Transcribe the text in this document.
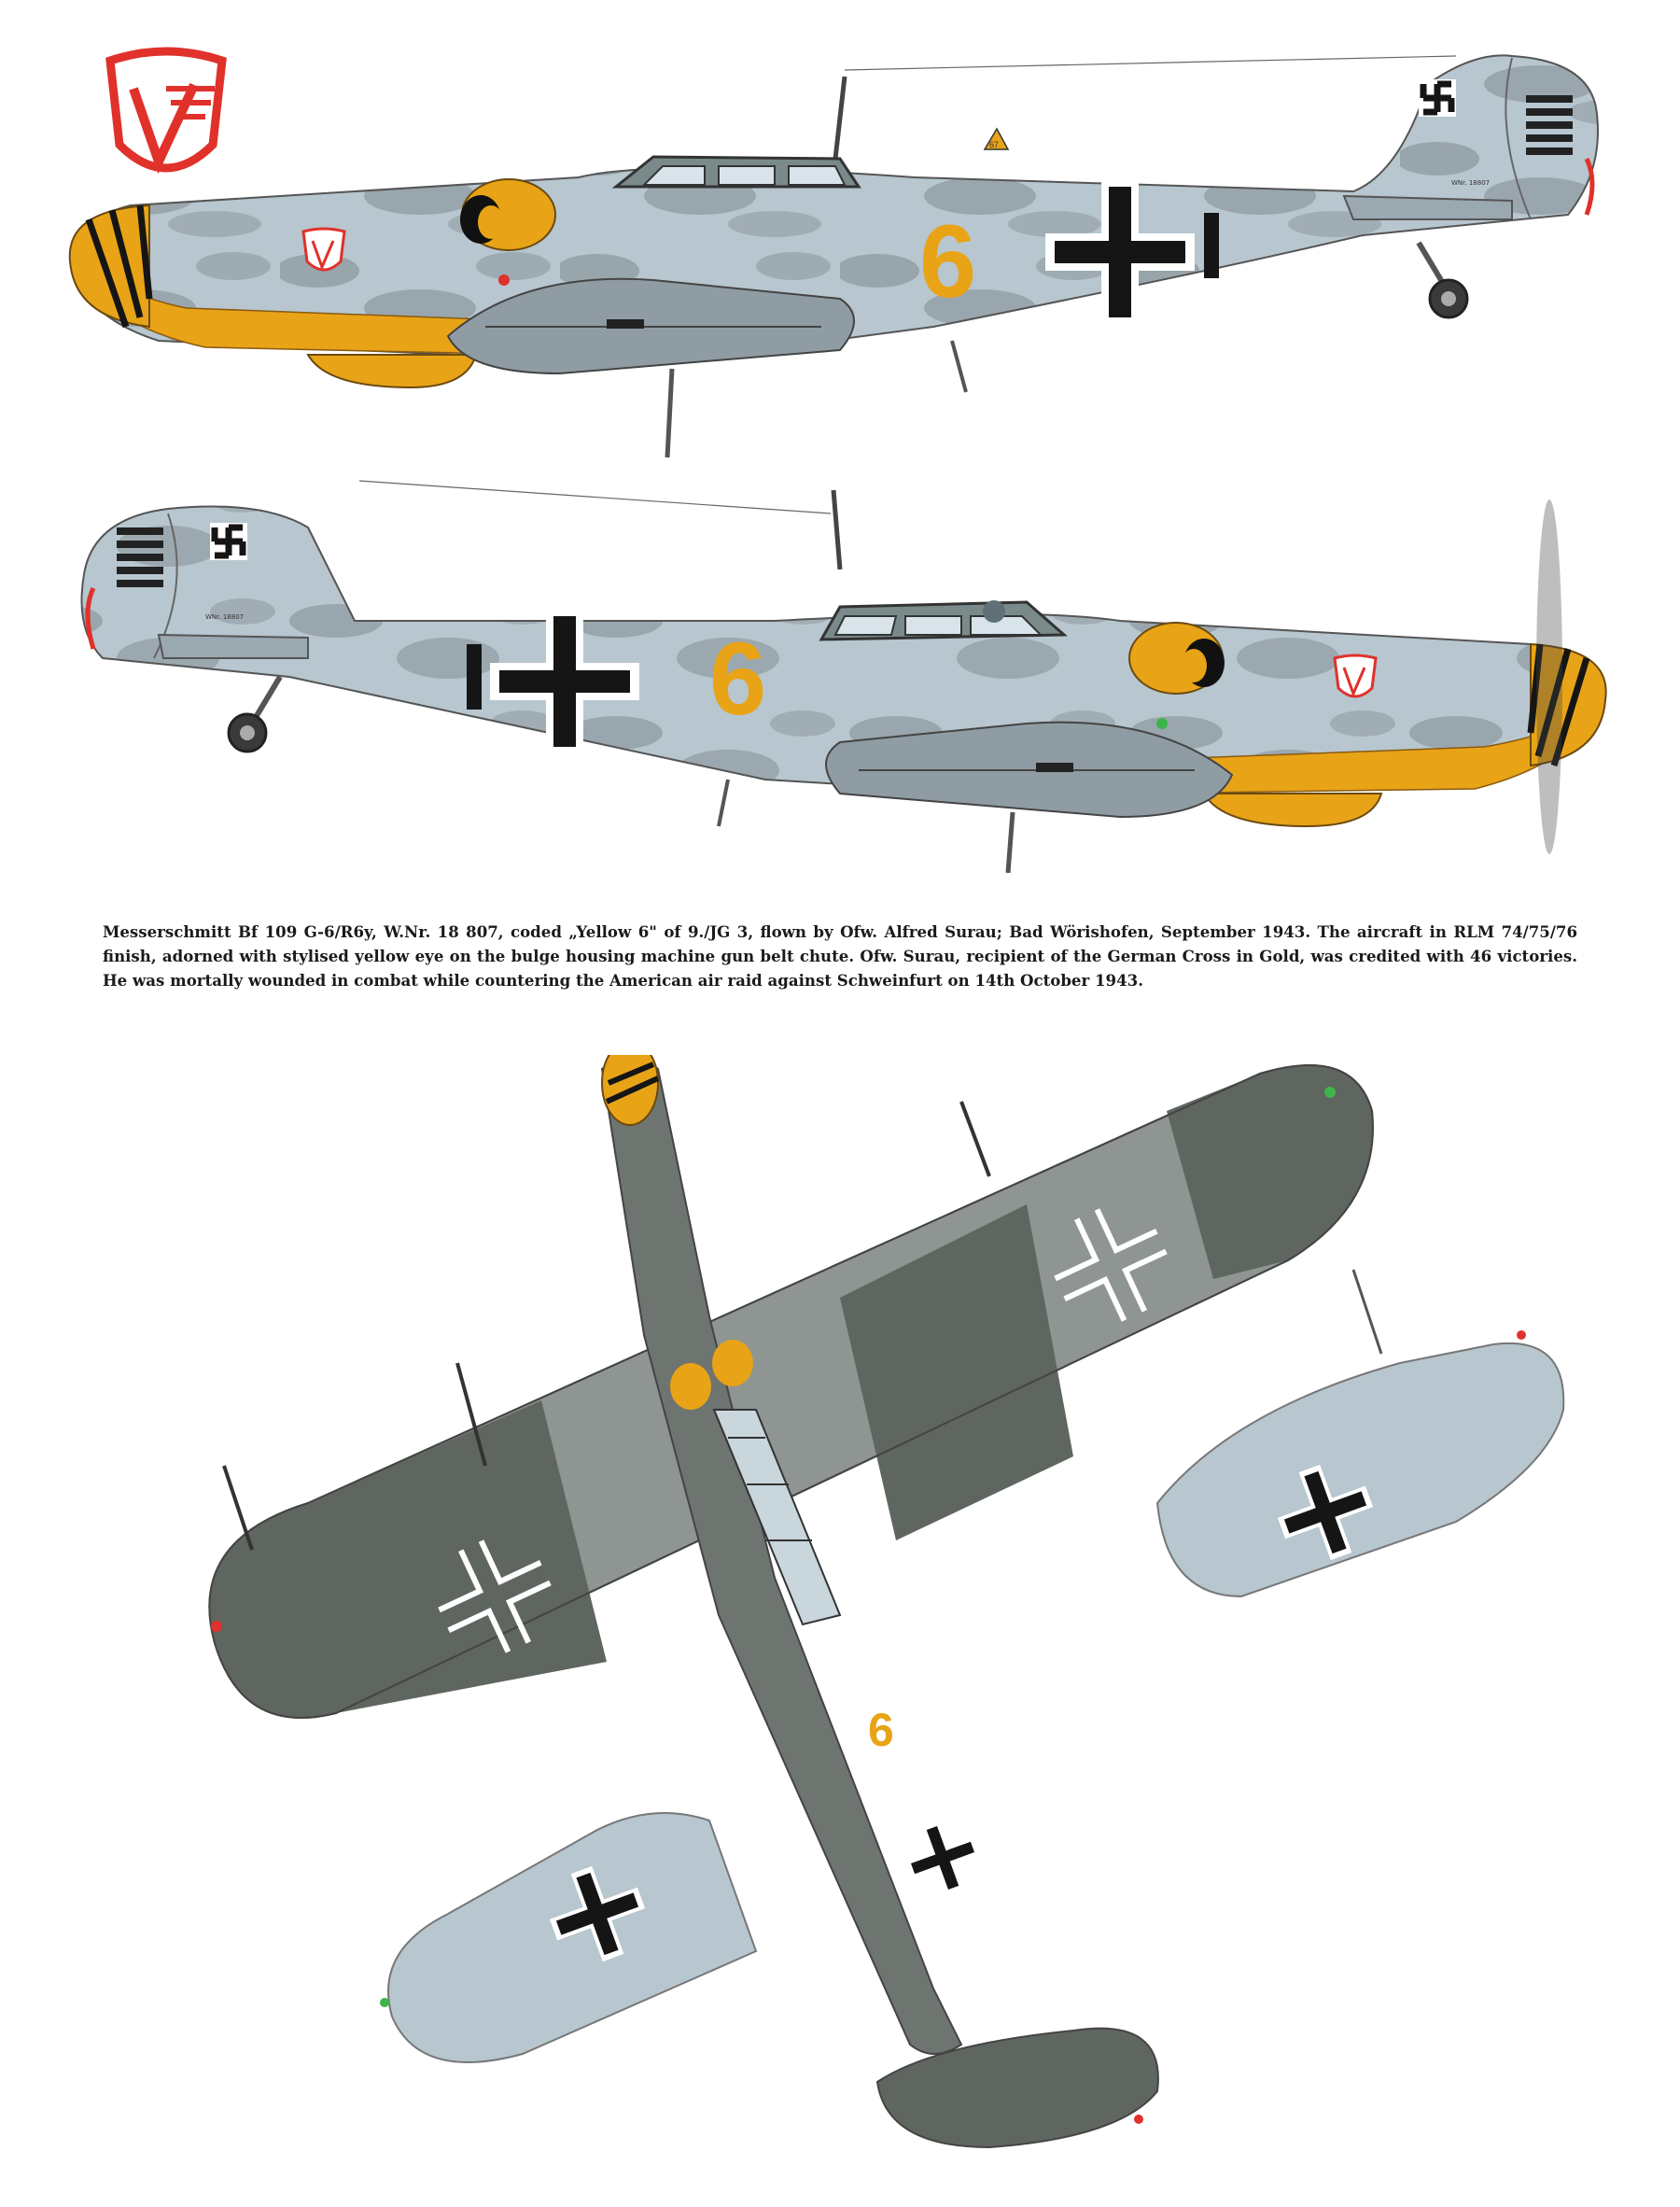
WNr. 18807
6
67
WNr. 18807
6

Messerschmitt Bf 109 G-6/R6y, W.Nr. 18 807, coded „Yellow 6" of 9./JG 3, flown by Ofw. Alfred Surau; Bad Wörishofen, September 1943. The aircraft in RLM 74/75/76 finish, adorned with stylised yellow eye on the bulge housing machine gun belt chute. Ofw. Surau, recipient of the German Cross in Gold, was credited with 46 victories. He was mortally wounded in combat while countering the American air raid against Schweinfurt on 14th October 1943.

6
